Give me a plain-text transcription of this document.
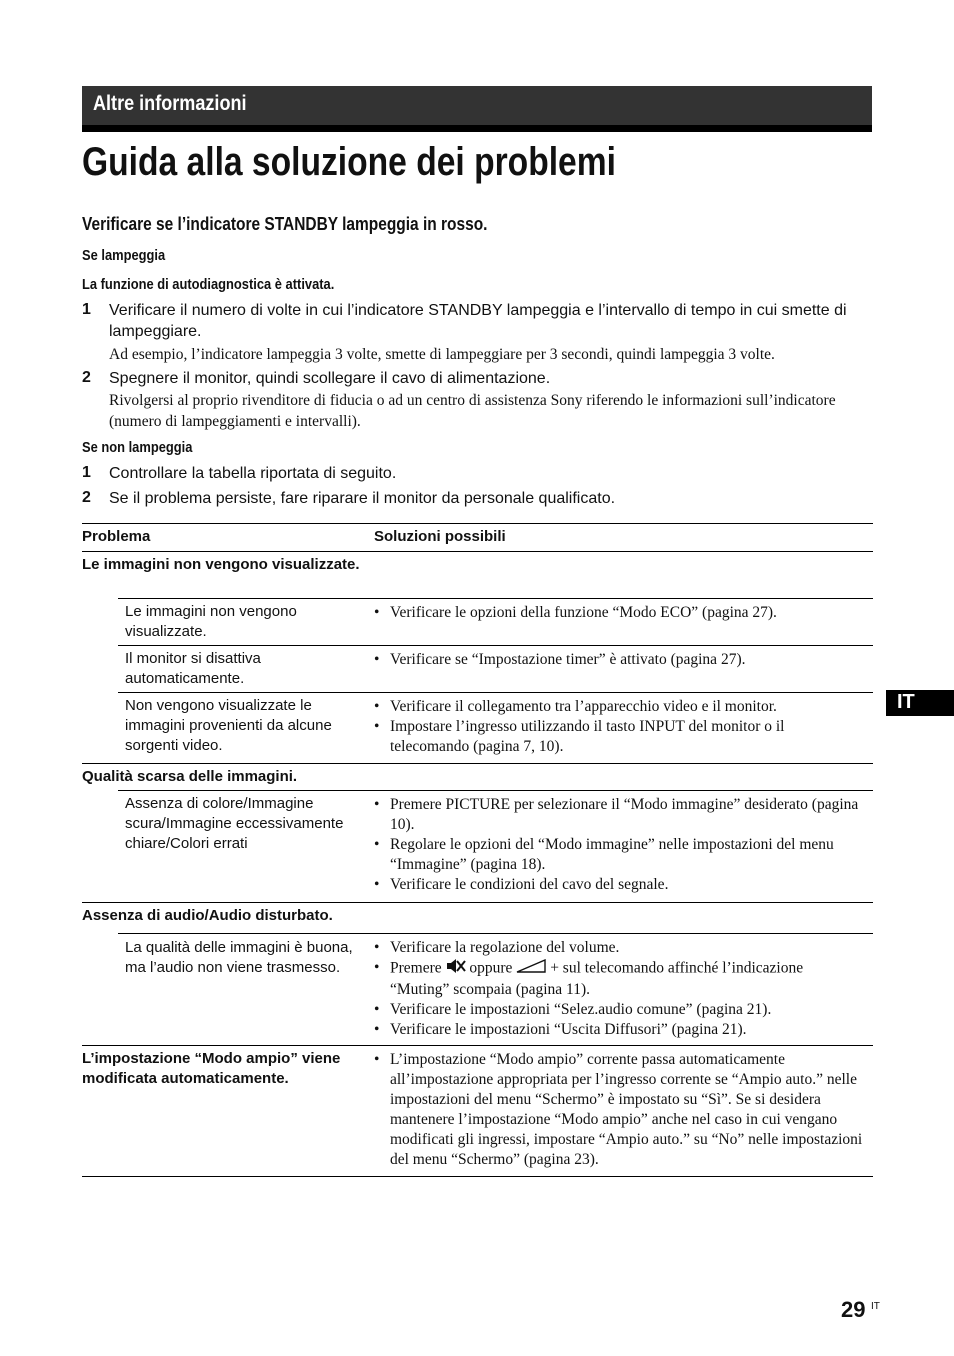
Altre informazioni
Guida alla soluzione dei problemi
Verificare se l’indicatore STANDBY lampeggia in rosso.
Se lampeggia
La funzione di autodiagnostica è attivata.
1 Verificare il numero di volte in cui l’indicatore STANDBY lampeggia e l’intervallo di tempo in cui smette di lampeggiare.
Ad esempio, l’indicatore lampeggia 3 volte, smette di lampeggiare per 3 secondi, quindi lampeggia 3 volte.
2 Spegnere il monitor, quindi scollegare il cavo di alimentazione.
Rivolgersi al proprio rivenditore di fiducia o ad un centro di assistenza Sony riferendo le informazioni sull’indicatore (numero di lampeggiamenti e intervalli).
Se non lampeggia
1 Controllare la tabella riportata di seguito.
2 Se il problema persiste, fare riparare il monitor da personale qualificato.
Problema	Soluzioni possibili
Le immagini non vengono visualizzate.
Le immagini non vengono visualizzate.
• Verificare le opzioni della funzione “Modo ECO” (pagina 27).
Il monitor si disattiva automaticamente.
• Verificare se “Impostazione timer” è attivato (pagina 27).
Non vengono visualizzate le immagini provenienti da alcune sorgenti video.
• Verificare il collegamento tra l’apparecchio video e il monitor.
• Impostare l’ingresso utilizzando il tasto INPUT del monitor o il telecomando (pagina 7, 10).
Qualità scarsa delle immagini.
Assenza di colore/Immagine scura/Immagine eccessivamente chiare/Colori errati
• Premere PICTURE per selezionare il “Modo immagine” desiderato (pagina 10).
• Regolare le opzioni del “Modo immagine” nelle impostazioni del menu “Immagine” (pagina 18).
• Verificare le condizioni del cavo del segnale.
Assenza di audio/Audio disturbato.
La qualità delle immagini è buona, ma l’audio non viene trasmesso.
• Verificare la regolazione del volume.
• Premere oppure + sul telecomando affinché l’indicazione “Muting” scompaia (pagina 11).
• Verificare le impostazioni “Selez.audio comune” (pagina 21).
• Verificare le impostazioni “Uscita Diffusori” (pagina 21).
L’impostazione “Modo ampio” viene modificata automaticamente.
• L’impostazione “Modo ampio” corrente passa automaticamente all’impostazione appropriata per l’ingresso corrente se “Ampio auto.” nelle impostazioni del menu “Schermo” è impostato su “Sì”. Se si desidera mantenere l’impostazione “Modo ampio” anche nel caso in cui vengano modificati gli ingressi, impostare “Ampio auto.” su “No” nelle impostazioni del menu “Schermo” (pagina 23).
IT
29 IT
